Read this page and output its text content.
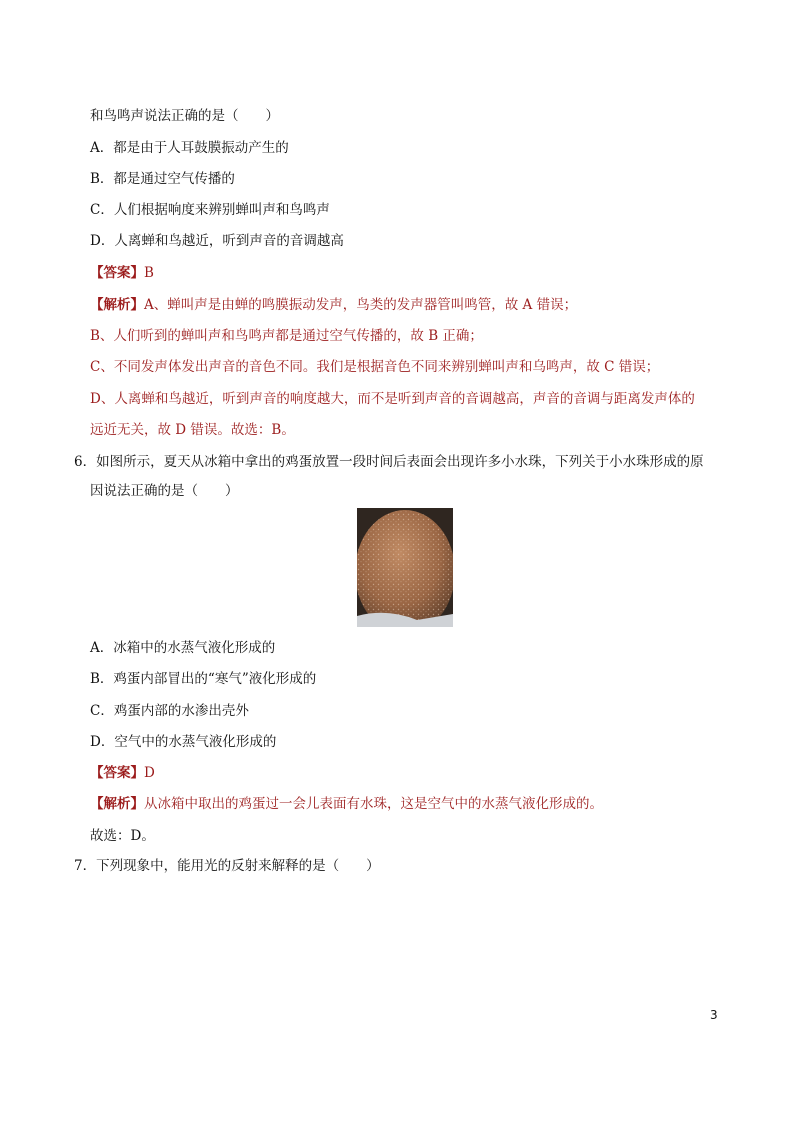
和鸟鸣声说法正确的是（　　）
A．都是由于人耳鼓膜振动产生的
B．都是通过空气传播的
C．人们根据响度来辨别蝉叫声和鸟鸣声
D．人离蝉和鸟越近，听到声音的音调越高
【答案】B
【解析】A、蝉叫声是由蝉的鸣膜振动发声，鸟类的发声器管叫鸣管，故 A 错误；
B、人们听到的蝉叫声和鸟鸣声都是通过空气传播的，故 B 正确；
C、不同发声体发出声音的音色不同。我们是根据音色不同来辨别蝉叫声和乌鸣声，故 C 错误；
D、人离蝉和鸟越近，听到声音的响度越大，而不是听到声音的音调越高，声音的音调与距离发声体的
远近无关，故 D 错误。故选：B。
6．如图所示，夏天从冰箱中拿出的鸡蛋放置一段时间后表面会出现许多小水珠，下列关于小水珠形成的原
因说法正确的是（　　）
A．冰箱中的水蒸气液化形成的
B．鸡蛋内部冒出的“寒气”液化形成的
C．鸡蛋内部的水渗出壳外
D．空气中的水蒸气液化形成的
【答案】D
【解析】从冰箱中取出的鸡蛋过一会儿表面有水珠，这是空气中的水蒸气液化形成的。
故选：D。
7．下列现象中，能用光的反射来解释的是（　　）
3
